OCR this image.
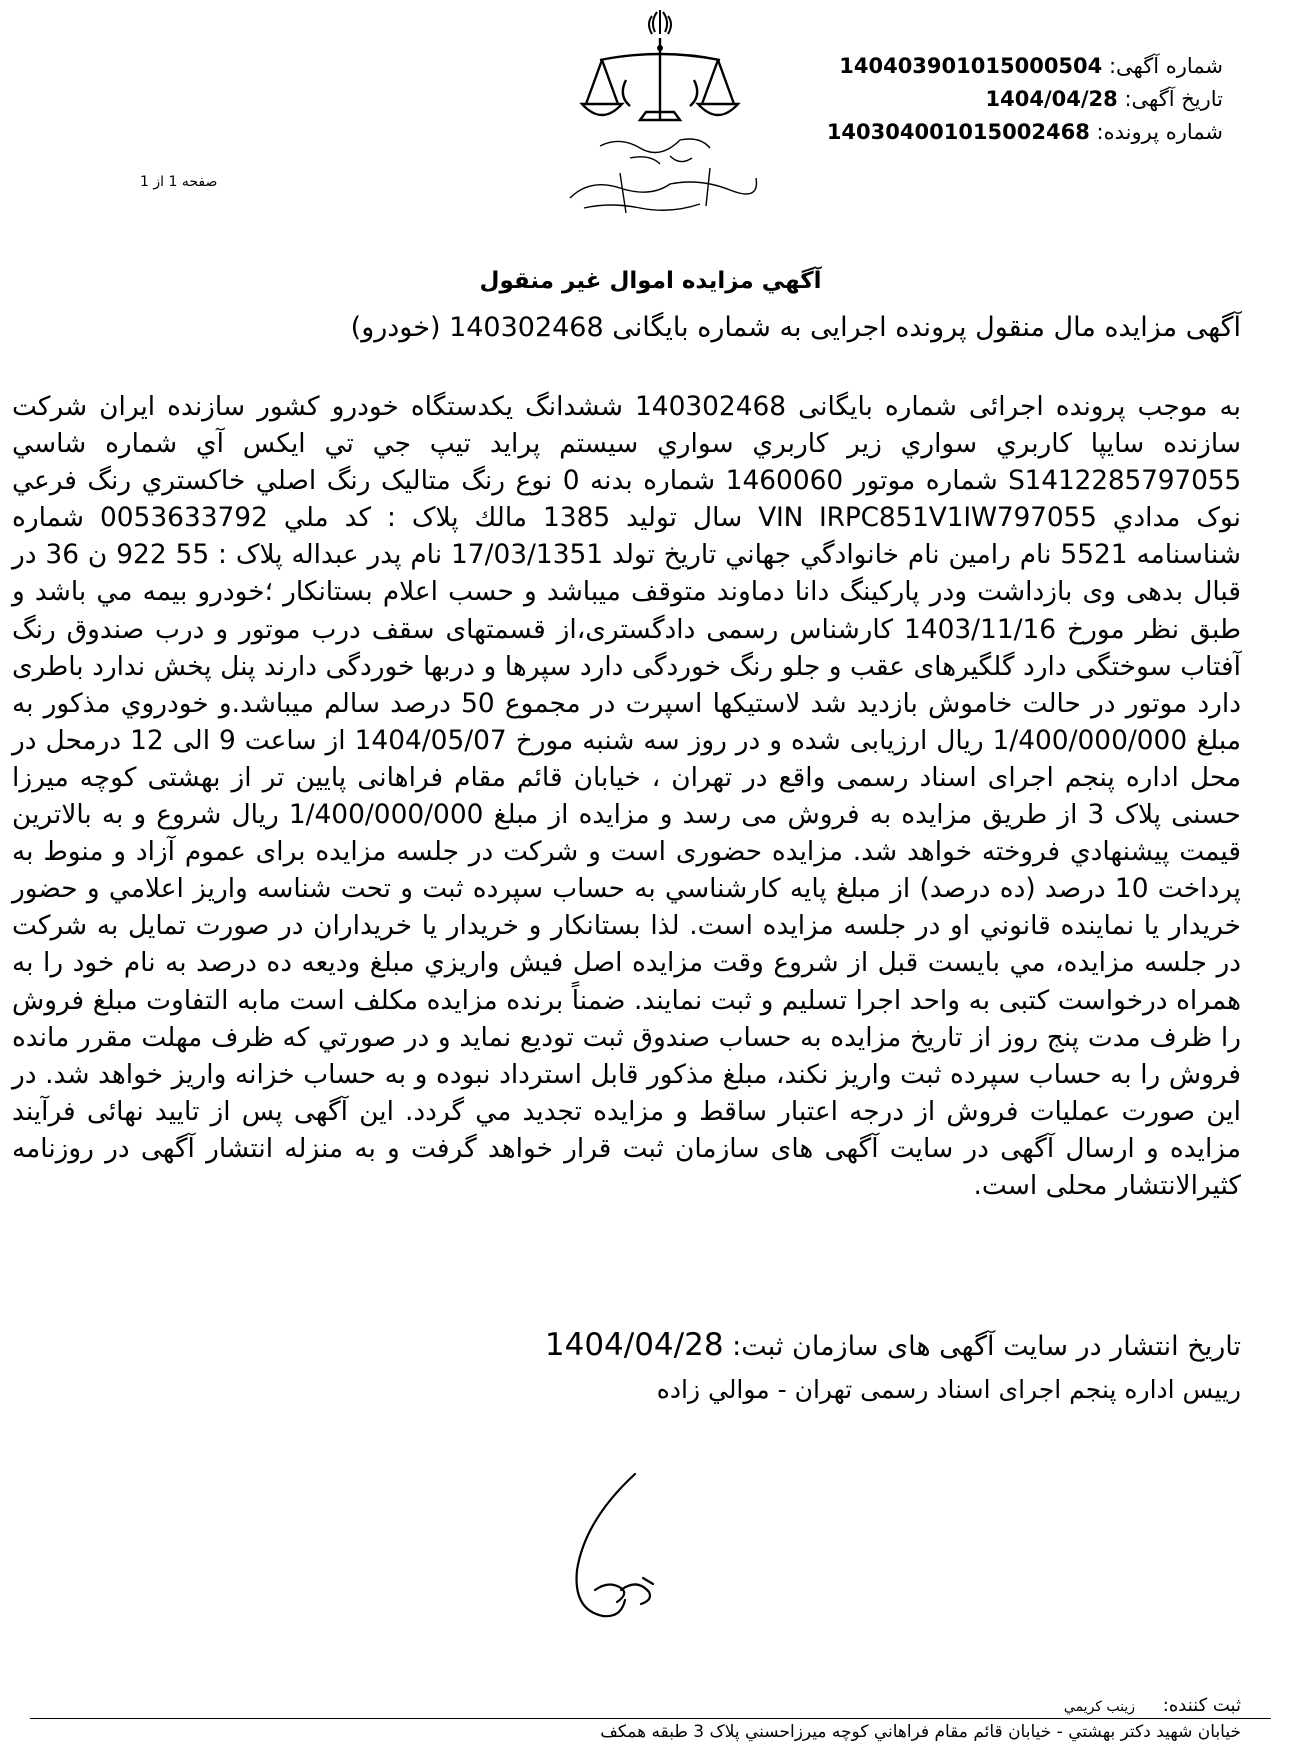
شماره آگهی: 140403901015000504
تاریخ آگهی: 1404/04/28
شماره پرونده: 140304001015002468
صفحه 1 از 1
آگهي مزايده اموال غير منقول
آگهی مزایده مال منقول پرونده اجرایی به شماره بایگانی 140302468 (خودرو)
به موجب پرونده اجرائی شماره بایگانی 140302468 ششدانگ یکدستگاه خودرو کشور سازنده ایران شرکت سازنده سايپا كاربري سواري زير كاربري سواري سيستم پرايد تيپ جي تي ايكس آي شماره شاسي S1412285797055 شماره موتور 1460060 شماره بدنه 0 نوع رنگ متاليک رنگ اصلي خاكستري رنگ فرعي نوک مدادي VIN IRPC851V1IW797055 سال توليد 1385 مالك پلاک : كد ملي 0053633792 شماره شناسنامه 5521 نام رامين نام خانوادگي جهاني تاريخ تولد 17/03/1351 نام پدر عبداله پلاک : 55 922 ن 36 در قبال بدهی وی بازداشت ودر پارکینگ دانا دماوند متوقف میباشد و حسب اعلام بستانكار ؛خودرو بيمه مي باشد و طبق نظر مورخ 1403/11/16 کارشناس رسمی دادگستری،از قسمتهای سقف درب موتور و درب صندوق رنگ آفتاب سوختگی دارد گلگیرهای عقب و جلو رنگ خوردگی دارد سپرها و دربها خوردگی دارند پنل پخش ندارد باطری دارد موتور در حالت خاموش بازدید شد لاستیکها اسپرت در مجموع 50 درصد سالم میباشد.و خودروي مذكور به مبلغ 1/400/000/000 ريال ارزيابی شده و در روز سه شنبه مورخ 1404/05/07 از ساعت 9 الی 12 درمحل در محل اداره پنجم اجرای اسناد رسمی واقع در تهران ، خیابان قائم مقام فراهانی پایین تر از بهشتی کوچه میرزا حسنی پلاک 3 از طريق مزايده به فروش می رسد و مزايده از مبلغ 1/400/000/000 ريال شروع و به بالاترين قيمت پيشنهادي فروخته خواهد شد. مزایده حضوری است و شرکت در جلسه مزایده برای عموم آزاد و منوط به پرداخت 10 درصد (ده درصد) از مبلغ پايه كارشناسي به حساب سپرده ثبت و تحت شناسه واريز اعلامي و حضور خريدار يا نماينده قانوني او در جلسه مزايده است. لذا بستانکار و خریدار یا خریداران در صورت تمایل به شرکت در جلسه مزایده، مي بايست قبل از شروع وقت مزايده اصل فيش واريزي مبلغ وديعه ده درصد به نام خود را به همراه درخواست کتبی به واحد اجرا تسلیم و ثبت نمایند. ضمناً برنده مزایده مکلف است مابه التفاوت مبلغ فروش را ظرف مدت پنج روز از تاریخ مزایده به حساب صندوق ثبت تودیع نماید و در صورتي كه ظرف مهلت مقرر مانده فروش را به حساب سپرده ثبت واريز نكند، مبلغ مذكور قابل استرداد نبوده و به حساب خزانه واريز خواهد شد. در اين صورت عمليات فروش از درجه اعتبار ساقط و مزايده تجديد مي گردد. این آگهی پس از تایید نهائی فرآیند مزایده و ارسال آگهی در سایت آگهی های سازمان ثبت قرار خواهد گرفت و به منزله انتشار آگهی در روزنامه کثیرالانتشار محلی است.
تاریخ انتشار در سایت آگهی های سازمان ثبت: 1404/04/28
رييس اداره پنجم اجرای اسناد رسمی تهران - موالي زاده
ثبت کننده: زينب كريمي
خيابان شهيد دكتر بهشتي - خيابان قائم مقام فراهاني كوچه ميرزاحسني پلاک 3 طبقه همكف
